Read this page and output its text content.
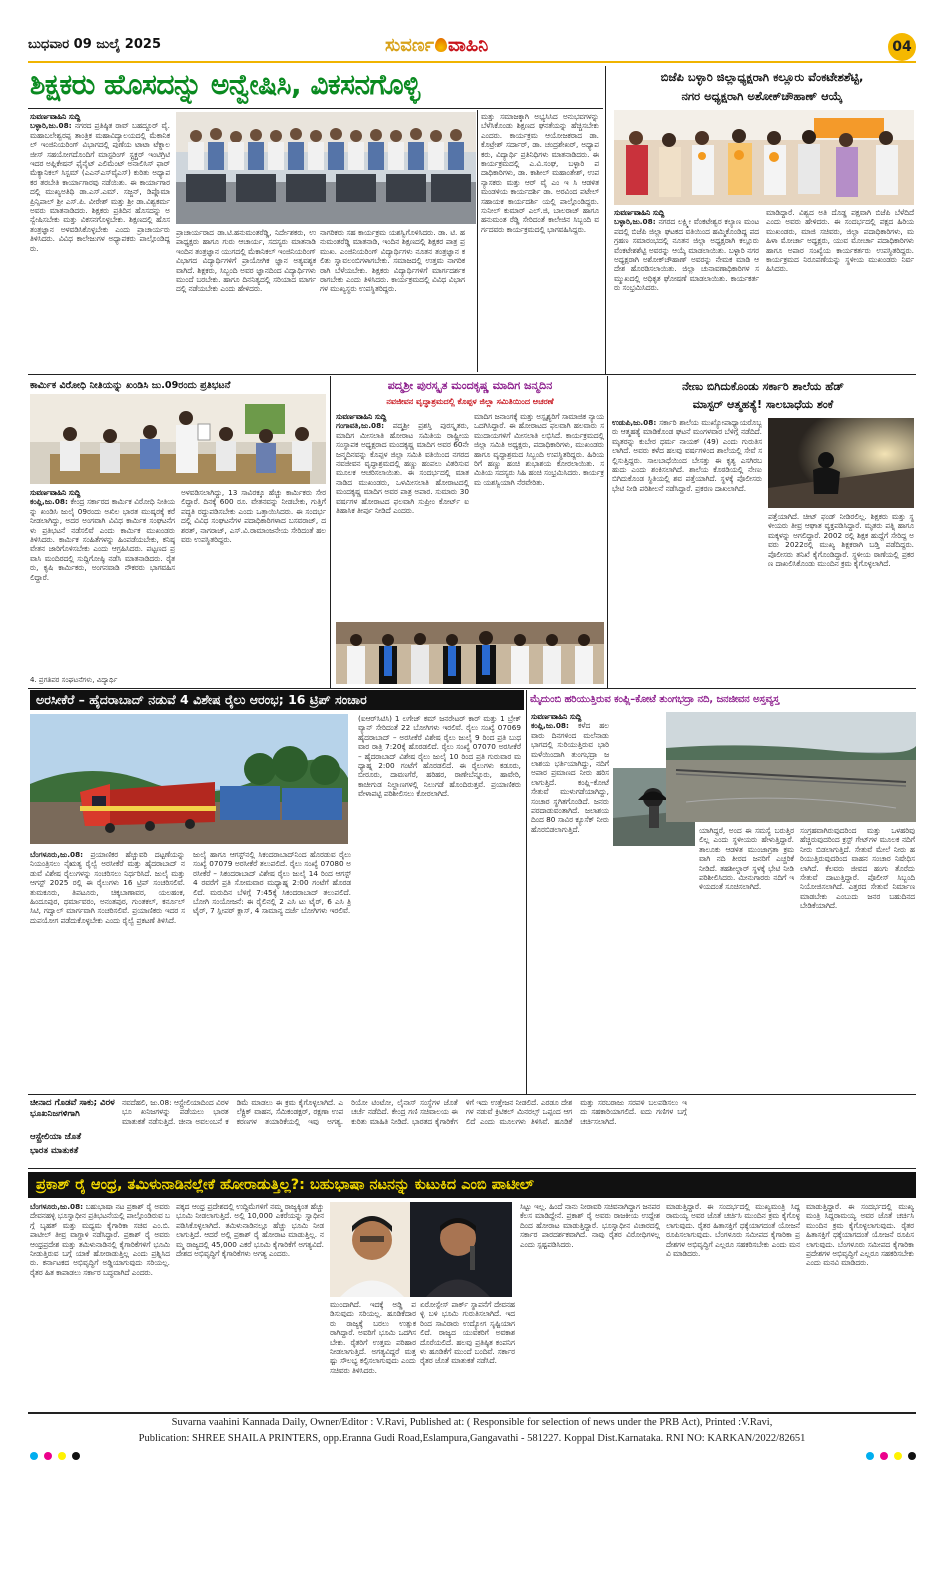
ಬುಧವಾರ 09 ಜುಲೈ 2025	ಸುವರ್ಣ ವಾಹಿನಿ	04
ಶಿಕ್ಷಕರು ಹೊಸದನ್ನು ಅನ್ವೇಷಿಸಿ, ವಿಕಸನಗೊಳ್ಳಿ
ಸುವರ್ಣವಾಹಿನಿ ಸುದ್ದಿ
ಬಳ್ಳಾರಿ,ಜು.08: ನಗರದ ಪ್ರತಿಷ್ಠಿತ ರಾವ್ ಬಹದ್ದೂರ್ ವೈ.ಮಹಾಬಲೇಶ್ವರಪ್ಪ ತಾಂತ್ರಿಕ ಮಹಾವಿದ್ಯಾಲಯದಲ್ಲಿ ಮೆಕಾನಿಕಲ್ ಇಂಜಿನಿಯರಿಂಗ್ ವಿಭಾಗದಲ್ಲಿ ಪುಣೆಯ ಟಾಟಾ ಟೆಕ್ನಾಲಜೀಸ್ ಸಹಯೋಗದೊಂದಿಗೆ ಮಾಸ್ಟರಿಂಗ್ ಸ್ಟ್ರಕ್ಚರ್ ಇಂಟಿಗ್ರಿಟಿ ಇದರ ಅಪ್ಲಿಕೇಷನ್ ಫೈನೈಟ್ ಎಲಿಮೆಂಟ್ ಅನಾಲಿಸಿಸ್ ಫಾರ್ ಮೆಕ್ಯಾನಿಕಲ್ ಸಿಸ್ಟಮ್ (ಎಎನ್ಎಸ್‌ವೈಎಸ್) ಕುರಿತು ಅಧ್ಯಾಪಕರ ತರಬೇತಿ ಕಾರ್ಯಾಗಾರವು ನಡೆಯಿತು. ಈ ಕಾರ್ಯಾಗಾರದಲ್ಲಿ ಮುಖ್ಯಅತಿಥಿ ಡಾ.ಎಸ್.ಎಮ್. ಸಜ್ಜನ್, ಡಿಪ್ಲೊಮಾ ಪ್ರಿನ್ಸಿಪಾಲ್ ಶ್ರೀ ಎಸ್.ಪಿ. ವೀರೇಶ್ ಮತ್ತು ಶ್ರೀ ಡಾ.ವಿಶ್ವಕರ್ಮ ಅವರು ಮಾತನಾಡಿದರು. ಶಿಕ್ಷಕರು ಪ್ರತಿದಿನ ಹೊಸದನ್ನು ಅನ್ವೇಷಿಸಬೇಕು ಮತ್ತು ವಿಕಸನಗೊಳ್ಳಬೇಕು. ಶಿಕ್ಷಣದಲ್ಲಿ ಹೊಸ ತಂತ್ರಜ್ಞಾನ ಅಳವಡಿಸಿಕೊಳ್ಳಬೇಕು ಎಂದು ಪ್ರಾಚಾರ್ಯರು ತಿಳಿಸಿದರು. ವಿವಿಧ ಕಾಲೇಜುಗಳ ಅಧ್ಯಾಪಕರು ಪಾಲ್ಗೊಂಡಿದ್ದರು.
ಪ್ರಾಚಾರ್ಯರಾದ ಡಾ.ಟಿ.ಹನುಮಂತರೆಡ್ಡಿ, ನಿರ್ದೇಶಕರು, ಉಪಾಧ್ಯಕ್ಷರು ಹಾಗೂ ಗುರು ಆಚಾರ್ಯ, ಸದಸ್ಯರು ಮಾತನಾಡಿ ಇಂದಿನ ತಂತ್ರಜ್ಞಾನ ಯುಗದಲ್ಲಿ ಮೆಕಾನಿಕಲ್ ಇಂಜಿನಿಯರಿಂಗ್ ವಿಭಾಗದ ವಿದ್ಯಾರ್ಥಿಗಳಿಗೆ ಪ್ರಾಯೋಗಿಕ ಜ್ಞಾನ ಅತ್ಯವಶ್ಯಕವಾಗಿದೆ. ಶಿಕ್ಷಕರು, ಸಿಬ್ಬಂದಿ ಅವರ ಜ್ಞಾನದಿಂದ ವಿದ್ಯಾರ್ಥಿಗಳು ಮುಂದೆ ಬರಬೇಕು. ಹಾಗೂ ದಿನನಿತ್ಯದಲ್ಲಿ ಸರಿಯಾದ ಮಾರ್ಗದಲ್ಲಿ ನಡೆಯಬೇಕು ಎಂದು ಹೇಳಿದರು.
ನಾಗರಿಕರು ಸಹ ಕಾರ್ಯಕ್ರಮ ಯಶಸ್ವಿಗೊಳಿಸಿದರು. ಡಾ. ಟಿ. ಹನುಮಂತರೆಡ್ಡಿ ಮಾತನಾಡಿ, ಇಂದಿನ ಶಿಕ್ಷಣದಲ್ಲಿ ಶಿಕ್ಷಕರ ಪಾತ್ರ ಪ್ರಮುಖ. ಎಂಜಿನಿಯರಿಂಗ್ ವಿದ್ಯಾರ್ಥಿಗಳು ನೂತನ ತಂತ್ರಜ್ಞಾನ ಕಲಿತು ಸ್ವಾವಲಂಬಿಗಳಾಗಬೇಕು. ಸಮಾಜದಲ್ಲಿ ಉತ್ತಮ ನಾಗರಿಕರಾಗಿ ಬೆಳೆಯಬೇಕು. ಶಿಕ್ಷಕರು ವಿದ್ಯಾರ್ಥಿಗಳಿಗೆ ಮಾರ್ಗದರ್ಶಕರಾಗಬೇಕು ಎಂದು ತಿಳಿಸಿದರು. ಕಾರ್ಯಕ್ರಮದಲ್ಲಿ ವಿವಿಧ ವಿಭಾಗಗಳ ಮುಖ್ಯಸ್ಥರು ಉಪಸ್ಥಿತರಿದ್ದರು.
ಮತ್ತು ಸಮಾಜಕ್ಕಾಗಿ ಅಭ್ಯಸಿಸಿದ ಅನುಭವಗಳನ್ನು ಬೆಳೆಸಿಕೊಂಡು ಶಿಕ್ಷಣದ ಘನತೆಯನ್ನು ಹೆಚ್ಚಿಸಬೇಕು ಎಂದರು. ಕಾರ್ಯಕ್ರಮ ಆಯೋಜಕರಾದ ಡಾ. ಕೊಟ್ರೇಶ್ ಸರ್ದಾರ್, ಡಾ. ಚಂದ್ರಶೇಖರ್, ಅಧ್ಯಾಪಕರು, ವಿದ್ಯಾರ್ಥಿ ಪ್ರತಿನಿಧಿಗಳು ಮಾತನಾಡಿದರು. ಈ ಕಾರ್ಯಕ್ರಮದಲ್ಲಿ ಎ.ವಿ.ಸಂಘ, ಬಳ್ಳಾರಿ ಪದಾಧಿಕಾರಿಗಳು, ಡಾ. ಕಾಶೀಲ್ ಮಹಾಂತೇಶ್, ಉಪನ್ಯಾಸಕರು ಮತ್ತು ಆರ್ ವೈ ಎಂ ಇ ಸಿ ಆಡಳಿತ ಮಂಡಳಿಯ ಕಾರ್ಯದರ್ಶಿ ಡಾ. ಅರವಿಂದ ಪಟೇಲ್ ಸಹಾಯಕ ಕಾರ್ಯದರ್ಶಿ ಯಲ್ಲಿ ಪಾಲ್ಗೊಂಡಿದ್ದರು. ಸುನೀಲ್ ಕುಮಾರ್ ಎಲ್.ಜಿ, ಬಾಲರಾಜ್ ಹಾಗೂ ಹನುಮಂತ ರೆಡ್ಡಿ ಸೇರಿದಂತೆ ಕಾಲೇಜಿನ ಸಿಬ್ಬಂದಿ ವರ್ಗದವರು ಕಾರ್ಯಕ್ರಮದಲ್ಲಿ ಭಾಗವಹಿಸಿದ್ದರು.
ಬಿಜೆಪಿ ಬಳ್ಳಾರಿ ಜಿಲ್ಲಾಧ್ಯಕ್ಷರಾಗಿ ಕಲ್ಲೂರು ವೆಂಕಟೇಶಶೆಟ್ಟಿ,
ನಗರ ಅಧ್ಯಕ್ಷರಾಗಿ ಅಶೋಕ್‌ಚೌಹಾಣ್ ಆಯ್ಕೆ
ಸುವರ್ಣವಾಹಿನಿ ಸುದ್ದಿ
ಬಳ್ಳಾರಿ,ಜು.08: ನಗರದ ಲಕ್ಷ್ಮೀ ವೆಂಕಟೇಶ್ವರ ಕಲ್ಯಾಣ ಮಂಟಪದಲ್ಲಿ ಬಿಜೆಪಿ ಜಿಲ್ಲಾ ಘಟಕದ ವತಿಯಿಂದ ಹಮ್ಮಿಕೊಂಡಿದ್ದ ಪದಗ್ರಹಣ ಸಮಾರಂಭದಲ್ಲಿ ನೂತನ ಜಿಲ್ಲಾ ಅಧ್ಯಕ್ಷರಾಗಿ ಕಲ್ಲೂರು ವೆಂಕಟೇಶಶೆಟ್ಟಿ ಅವರನ್ನು ಆಯ್ಕೆ ಮಾಡಲಾಯಿತು. ಬಳ್ಳಾರಿ ನಗರ ಅಧ್ಯಕ್ಷರಾಗಿ ಅಶೋಕ್‌ಚೌಹಾಣ್ ಅವರನ್ನು ನೇಮಕ ಮಾಡಿ ಆದೇಶ ಹೊರಡಿಸಲಾಯಿತು. ಜಿಲ್ಲಾ ಚುನಾವಣಾಧಿಕಾರಿಗಳ ಸಮ್ಮುಖದಲ್ಲಿ ಅಧಿಕೃತ ಘೋಷಣೆ ಮಾಡಲಾಯಿತು. ಕಾರ್ಯಕರ್ತರು ಸಂಭ್ರಮಿಸಿದರು.
ಮಾಡಿದ್ದಾರೆ. ವಿಶ್ವದ ಅತಿ ದೊಡ್ಡ ಪಕ್ಷವಾಗಿ ಬಿಜೆಪಿ ಬೆಳೆದಿದೆ ಎಂದು ಅವರು ಹೇಳಿದರು. ಈ ಸಂದರ್ಭದಲ್ಲಿ ಪಕ್ಷದ ಹಿರಿಯ ಮುಖಂಡರು, ಮಾಜಿ ಸಚಿವರು, ಜಿಲ್ಲಾ ಪದಾಧಿಕಾರಿಗಳು, ಮಹಿಳಾ ಮೋರ್ಚಾ ಅಧ್ಯಕ್ಷರು, ಯುವ ಮೋರ್ಚಾ ಪದಾಧಿಕಾರಿಗಳು ಹಾಗೂ ಅಪಾರ ಸಂಖ್ಯೆಯ ಕಾರ್ಯಕರ್ತರು ಉಪಸ್ಥಿತರಿದ್ದರು. ಕಾರ್ಯಕ್ರಮದ ನಿರೂಪಣೆಯನ್ನು ಸ್ಥಳೀಯ ಮುಖಂಡರು ನಿರ್ವಹಿಸಿದರು.
ಕಾರ್ಮಿಕ ವಿರೋಧಿ ನೀತಿಯನ್ನು ಖಂಡಿಸಿ ಜು.09ರಂದು ಪ್ರತಿಭಟನೆ
ಸುವರ್ಣವಾಹಿನಿ ಸುದ್ದಿ
ಕಂಪ್ಲಿ,ಜು.08: ಕೇಂದ್ರ ಸರ್ಕಾರದ ಕಾರ್ಮಿಕ ವಿರೋಧಿ ನೀತಿಯನ್ನು ಖಂಡಿಸಿ ಜುಲೈ 09ರಂದು ಅಖಿಲ ಭಾರತ ಮುಷ್ಕರಕ್ಕೆ ಕರೆ ನೀಡಲಾಗಿದ್ದು, ಅದರ ಅಂಗವಾಗಿ ವಿವಿಧ ಕಾರ್ಮಿಕ ಸಂಘಟನೆಗಳು ಪ್ರತಿಭಟನೆ ನಡೆಸಲಿವೆ ಎಂದು ಕಾರ್ಮಿಕ ಮುಖಂಡರು ತಿಳಿಸಿದರು. ಕಾರ್ಮಿಕ ಸಂಹಿತೆಗಳನ್ನು ಹಿಂಪಡೆಯಬೇಕು, ಕನಿಷ್ಠ ವೇತನ ಜಾರಿಗೊಳಿಸಬೇಕು ಎಂದು ಆಗ್ರಹಿಸಿದರು. ಪಟ್ಟಣದ ಪ್ರವಾಸಿ ಮಂದಿರದಲ್ಲಿ ಸುದ್ದಿಗೋಷ್ಠಿ ನಡೆಸಿ ಮಾತನಾಡಿದರು. ರೈತರು, ಕೃಷಿ ಕಾರ್ಮಿಕರು, ಅಂಗನವಾಡಿ ನೌಕರರು ಭಾಗವಹಿಸಲಿದ್ದಾರೆ.
ಅಳವಡಿಸಲಾಗಿದ್ದು, 13 ಸಾವಿರಕ್ಕೂ ಹೆಚ್ಚು ಕಾರ್ಮಿಕರು ಸೇರಲಿದ್ದಾರೆ. ದಿನಕ್ಕೆ 600 ರೂ. ವೇತನವನ್ನು ನೀಡಬೇಕು, ಗುತ್ತಿಗೆ ಪದ್ಧತಿ ರದ್ದುಪಡಿಸಬೇಕು ಎಂದು ಒತ್ತಾಯಿಸಿದರು. ಈ ಸಂದರ್ಭದಲ್ಲಿ ವಿವಿಧ ಸಂಘಟನೆಗಳ ಪದಾಧಿಕಾರಿಗಳಾದ ಬಸವರಾಜ್, ದಶರತ್, ನಾಗರಾಜ್, ಎಸ್.ವಿ.ರಾಮಾಂಜನೇಯ ಸೇರಿದಂತೆ ಹಲವರು ಉಪಸ್ಥಿತರಿದ್ದರು.
4. ಪ್ರಗತಿಪರ ಸಂಘಟನೆಗಳು, ವಿದ್ಯಾರ್ಥಿ
ಪದ್ಮಶ್ರೀ ಪುರಸ್ಕೃತ ಮಂದಕೃಷ್ಣ ಮಾದಿಗ ಜನ್ಮದಿನ
ನವಜೀವನ ವೃದ್ಧಾಶ್ರಮದಲ್ಲಿ ಕೊಪ್ಪಳ ಜಿಲ್ಲಾ ಸಮಿತಿಯಿಂದ ಆಚರಣೆ
ಸುವರ್ಣವಾಹಿನಿ ಸುದ್ದಿ
ಗಂಗಾವತಿ,ಜು.08: ಪದ್ಮಶ್ರೀ ಪ್ರಶಸ್ತಿ ಪುರಸ್ಕೃತರು, ಮಾದಿಗ ಮೀಸಲಾತಿ ಹೋರಾಟ ಸಮಿತಿಯ ರಾಷ್ಟ್ರೀಯ ಸಂಸ್ಥಾಪಕ ಅಧ್ಯಕ್ಷರಾದ ಮಂದಕೃಷ್ಣ ಮಾದಿಗ ಅವರ 60ನೇ ಜನ್ಮದಿನವನ್ನು ಕೊಪ್ಪಳ ಜಿಲ್ಲಾ ಸಮಿತಿ ವತಿಯಿಂದ ನಗರದ ನವಜೀವನ ವೃದ್ಧಾಶ್ರಮದಲ್ಲಿ ಹಣ್ಣು ಹಂಪಲು ವಿತರಿಸುವ ಮೂಲಕ ಆಚರಿಸಲಾಯಿತು. ಈ ಸಂದರ್ಭದಲ್ಲಿ ಮಾತನಾಡಿದ ಮುಖಂಡರು, ಒಳಮೀಸಲಾತಿ ಹೋರಾಟದಲ್ಲಿ ಮಂದಕೃಷ್ಣ ಮಾದಿಗ ಅವರ ಪಾತ್ರ ಅಪಾರ. ಸುಮಾರು 30 ವರ್ಷಗಳ ಹೋರಾಟದ ಫಲವಾಗಿ ಸುಪ್ರೀಂ ಕೋರ್ಟ್ ಐತಿಹಾಸಿಕ ತೀರ್ಪು ನೀಡಿದೆ ಎಂದರು.
ಮಾದಿಗ ಜನಾಂಗಕ್ಕೆ ಮತ್ತು ಅಸ್ಪೃಶ್ಯರಿಗೆ ಸಾಮಾಜಿಕ ನ್ಯಾಯ ಒದಗಿಸಿದ್ದಾರೆ. ಈ ಹೋರಾಟದ ಫಲವಾಗಿ ಹಲವಾರು ಸಮುದಾಯಗಳಿಗೆ ಮೀಸಲಾತಿ ಲಭಿಸಿದೆ. ಕಾರ್ಯಕ್ರಮದಲ್ಲಿ ಜಿಲ್ಲಾ ಸಮಿತಿ ಅಧ್ಯಕ್ಷರು, ಪದಾಧಿಕಾರಿಗಳು, ಮುಖಂಡರು ಹಾಗೂ ವೃದ್ಧಾಶ್ರಮದ ಸಿಬ್ಬಂದಿ ಉಪಸ್ಥಿತರಿದ್ದರು. ಹಿರಿಯರಿಗೆ ಹಣ್ಣು ಹಂಚಿ ಶುಭಾಶಯ ಕೋರಲಾಯಿತು. ಸಮಿತಿಯ ಸದಸ್ಯರು ಸಿಹಿ ಹಂಚಿ ಸಂಭ್ರಮಿಸಿದರು. ಕಾರ್ಯಕ್ರಮ ಯಶಸ್ವಿಯಾಗಿ ನೆರವೇರಿತು.
ನೇಣು ಬಿಗಿದುಕೊಂಡು ಸರ್ಕಾರಿ ಶಾಲೆಯ ಹೆಡ್
ಮಾಸ್ಟರ್ ಆತ್ಮಹತ್ಯೆ! ಸಾಲಬಾಧೆಯ ಶಂಕೆ
ಉಡುಪಿ,ಜು.08: ಸರ್ಕಾರಿ ಶಾಲೆಯ ಮುಖ್ಯೋಪಾಧ್ಯಾಯರೊಬ್ಬರು ಆತ್ಮಹತ್ಯೆ ಮಾಡಿಕೊಂಡ ಘಟನೆ ಮಂಗಳವಾರ ಬೆಳಿಗ್ಗೆ ನಡೆದಿದೆ. ಮೃತರನ್ನು ಕುಬೇರ ಧರ್ಮ ನಾಯಕ್ (49) ಎಂದು ಗುರುತಿಸಲಾಗಿದೆ. ಅವರು ಕಳೆದ ಹಲವು ವರ್ಷಗಳಿಂದ ಶಾಲೆಯಲ್ಲಿ ಸೇವೆ ಸಲ್ಲಿಸುತ್ತಿದ್ದರು. ಸಾಲಬಾಧೆಯಿಂದ ಬೇಸತ್ತು ಈ ಕೃತ್ಯ ಎಸಗಿರಬಹುದು ಎಂದು ಶಂಕಿಸಲಾಗಿದೆ. ಶಾಲೆಯ ಕೊಠಡಿಯಲ್ಲಿ ನೇಣು ಬಿಗಿದುಕೊಂಡ ಸ್ಥಿತಿಯಲ್ಲಿ ಶವ ಪತ್ತೆಯಾಗಿದೆ. ಸ್ಥಳಕ್ಕೆ ಪೊಲೀಸರು ಭೇಟಿ ನೀಡಿ ಪರಿಶೀಲನೆ ನಡೆಸಿದ್ದಾರೆ. ಪ್ರಕರಣ ದಾಖಲಾಗಿದೆ.
ಪತ್ತೆಯಾಗಿದೆ. ಚೀಟ್ ಫಂಡ್ ನೀಡಿರಲಿಲ್ಲ. ಶಿಕ್ಷಕರು ಮತ್ತು ಸ್ಥಳೀಯರು ತೀವ್ರ ಆಘಾತ ವ್ಯಕ್ತಪಡಿಸಿದ್ದಾರೆ. ಮೃತರು ಪತ್ನಿ ಹಾಗೂ ಮಕ್ಕಳನ್ನು ಅಗಲಿದ್ದಾರೆ. 2002 ರಲ್ಲಿ ಶಿಕ್ಷಕ ಹುದ್ದೆಗೆ ಸೇರಿದ್ದ ಅವರು 2022ರಲ್ಲಿ ಮುಖ್ಯ ಶಿಕ್ಷಕರಾಗಿ ಬಡ್ತಿ ಪಡೆದಿದ್ದರು. ಪೊಲೀಸರು ತನಿಖೆ ಕೈಗೊಂಡಿದ್ದಾರೆ. ಸ್ಥಳೀಯ ಠಾಣೆಯಲ್ಲಿ ಪ್ರಕರಣ ದಾಖಲಿಸಿಕೊಂಡು ಮುಂದಿನ ಕ್ರಮ ಕೈಗೊಳ್ಳಲಾಗಿದೆ.
ಅರಸೀಕೆರೆ – ಹೈದರಾಬಾದ್ ನಡುವೆ 4 ವಿಶೇಷ ರೈಲು ಆರಂಭ; 16 ಟ್ರಿಪ್ ಸಂಚಾರ
ಬೆಂಗಳೂರು,ಜು.08: ಪ್ರಯಾಣಿಕರ ಹೆಚ್ಚುವರಿ ದಟ್ಟಣೆಯನ್ನು ನಿಯಂತ್ರಿಸಲು ನೈಋತ್ಯ ರೈಲ್ವೆ ಅರಸೀಕೆರೆ ಮತ್ತು ಹೈದರಾಬಾದ್ ನಡುವೆ ವಿಶೇಷ ರೈಲುಗಳನ್ನು ಸಂಚರಿಸಲು ನಿರ್ಧರಿಸಿದೆ. ಜುಲೈ ಮತ್ತು ಆಗಸ್ಟ್ 2025 ರಲ್ಲಿ ಈ ರೈಲುಗಳು 16 ಟ್ರಿಪ್ ಸಂಚರಿಸಲಿವೆ. ತುಮಕೂರು, ತಿಪಟೂರು, ಚಿಕ್ಕಬಾಣಾವರ, ಯಲಹಂಕ, ಹಿಂದೂಪುರ, ಧರ್ಮಾವರಂ, ಅನಂತಪುರ, ಗುಂತಕಲ್, ಕರ್ನೂಲ್ ಸಿಟಿ, ಗದ್ವಾಲ್ ಮಾರ್ಗವಾಗಿ ಸಂಚರಿಸಲಿವೆ. ಪ್ರಯಾಣಿಕರು ಇದರ ಸದುಪಯೋಗ ಪಡೆದುಕೊಳ್ಳಬೇಕು ಎಂದು ರೈಲ್ವೆ ಪ್ರಕಟಣೆ ತಿಳಿಸಿದೆ.
ಜುಲೈ ಹಾಗೂ ಆಗಸ್ಟ್‌ನಲ್ಲಿ ಸಿಕಂದರಾಬಾದ್‌ನಿಂದ ಹೊರಡುವ ರೈಲು ಸಂಖ್ಯೆ 07079 ಅರಸೀಕೆರೆ ತಲುಪಲಿದೆ. ರೈಲು ಸಂಖ್ಯೆ 07080 ಅರಸೀಕೆರೆ – ಸಿಕಂದರಾಬಾದ್ ವಿಶೇಷ ರೈಲು ಜುಲೈ 14 ರಿಂದ ಆಗಸ್ಟ್ 4 ರವರೆಗೆ ಪ್ರತಿ ಸೋಮವಾರ ಮಧ್ಯಾಹ್ನ 2:00 ಗಂಟೆಗೆ ಹೊರಡಲಿದೆ. ಮರುದಿನ ಬೆಳಿಗ್ಗೆ 7:45ಕ್ಕೆ ಸಿಕಂದರಾಬಾದ್ ತಲುಪಲಿದೆ. ಬೋಗಿ ಸಂಯೋಜನೆ: ಈ ರೈಲಿನಲ್ಲಿ 2 ಎಸಿ ಟು ಟೈರ್, 6 ಎಸಿ ತ್ರಿ ಟೈರ್, 7 ಸ್ಲೀಪರ್ ಕ್ಲಾಸ್, 4 ಸಾಮಾನ್ಯ ದರ್ಜೆ ಬೋಗಿಗಳು ಇರಲಿವೆ.
(ಐಆರ್‌ಸಿಟಿಸಿ) 1 ಲಗೇಜ್ ಕಮ್ ಜನರೇಟರ್ ಕಾರ್ ಮತ್ತು 1 ಬ್ರೇಕ್ ವ್ಯಾನ್ ಸೇರಿದಂತೆ 22 ಬೋಗಿಗಳು ಇರಲಿವೆ. ರೈಲು ಸಂಖ್ಯೆ 07069 ಹೈದರಾಬಾದ್ – ಅರಸೀಕೆರೆ ವಿಶೇಷ ರೈಲು ಜುಲೈ 9 ರಿಂದ ಪ್ರತಿ ಬುಧವಾರ ರಾತ್ರಿ 7:20ಕ್ಕೆ ಹೊರಡಲಿದೆ. ರೈಲು ಸಂಖ್ಯೆ 07070 ಅರಸೀಕೆರೆ – ಹೈದರಾಬಾದ್ ವಿಶೇಷ ರೈಲು ಜುಲೈ 10 ರಿಂದ ಪ್ರತಿ ಗುರುವಾರ ಮಧ್ಯಾಹ್ನ 2:00 ಗಂಟೆಗೆ ಹೊರಡಲಿದೆ. ಈ ರೈಲುಗಳು ಕಡೂರು, ಬೀರೂರು, ದಾವಣಗೆರೆ, ಹರಿಹರ, ರಾಣೇಬೆನ್ನೂರು, ಹಾವೇರಿ, ಕಾಚೀಗುಡ ನಿಲ್ದಾಣಗಳಲ್ಲಿ ನಿಲುಗಡೆ ಹೊಂದಿರುತ್ತವೆ. ಪ್ರಯಾಣಿಕರು ವೇಳಾಪಟ್ಟಿ ಪರಿಶೀಲಿಸಲು ಕೋರಲಾಗಿದೆ.
ಮೈದುಂಬಿ ಹರಿಯುತ್ತಿರುವ ಕಂಪ್ಲಿ–ಕೋಟೆ ತುಂಗಭದ್ರಾ ನದಿ, ಜನಜೀವನ ಅಸ್ತವ್ಯಸ್ತ
ಸುವರ್ಣವಾಹಿನಿ ಸುದ್ದಿ
ಕಂಪ್ಲಿ,ಜು.08: ಕಳೆದ ಹಲವಾರು ದಿನಗಳಿಂದ ಮಲೆನಾಡು ಭಾಗದಲ್ಲಿ ಸುರಿಯುತ್ತಿರುವ ಭಾರಿ ಮಳೆಯಿಂದಾಗಿ ತುಂಗಭದ್ರಾ ಜಲಾಶಯ ಭರ್ತಿಯಾಗಿದ್ದು, ನದಿಗೆ ಅಪಾರ ಪ್ರಮಾಣದ ನೀರು ಹರಿಸಲಾಗುತ್ತಿದೆ. ಕಂಪ್ಲಿ–ಕೋಟೆ ಸೇತುವೆ ಮುಳುಗಡೆಯಾಗಿದ್ದು, ಸಂಚಾರ ಸ್ಥಗಿತಗೊಂಡಿದೆ. ಜನರು ಪರದಾಡುವಂತಾಗಿದೆ. ಜಲಾಶಯದಿಂದ 80 ಸಾವಿರ ಕ್ಯೂಸೆಕ್ ನೀರು ಹೊರಬಿಡಲಾಗುತ್ತಿದೆ.	ಯಾಗಿದ್ದರೆ, ಅಂದ ಈ ಸಮಸ್ಯೆ ಬರುತ್ತಿರಲಿಲ್ಲ ಎಂದು ಸ್ಥಳೀಯರು ಹೇಳುತ್ತಿದ್ದಾರೆ. ತಾಲೂಕು ಆಡಳಿತ ಮುಂಜಾಗ್ರತಾ ಕ್ರಮವಾಗಿ ನದಿ ತೀರದ ಜನರಿಗೆ ಎಚ್ಚರಿಕೆ ನೀಡಿದೆ. ತಹಶೀಲ್ದಾರ್ ಸ್ಥಳಕ್ಕೆ ಭೇಟಿ ನೀಡಿ ಪರಿಶೀಲಿಸಿದರು. ಮೀನುಗಾರರು ನದಿಗೆ ಇಳಿಯದಂತೆ ಸೂಚಿಸಲಾಗಿದೆ.
ಸಂಗ್ರಹವಾಗಿರುವುದರಿಂದ ಮತ್ತು ಒಳಹರಿವು ಹೆಚ್ಚಿರುವುದರಿಂದ ಕ್ರಸ್ಟ್ ಗೇಟ್‌ಗಳ ಮೂಲಕ ನದಿಗೆ ನೀರು ಬಿಡಲಾಗುತ್ತಿದೆ. ಸೇತುವೆ ಮೇಲೆ ನೀರು ಹರಿಯುತ್ತಿರುವುದರಿಂದ ವಾಹನ ಸಂಚಾರ ನಿಷೇಧಿಸಲಾಗಿದೆ. ಕೆಲವರು ಜೀವದ ಹಂಗು ತೊರೆದು ಸೇತುವೆ ದಾಟುತ್ತಿದ್ದಾರೆ. ಪೊಲೀಸ್ ಸಿಬ್ಬಂದಿ ನಿಯೋಜಿಸಲಾಗಿದೆ. ಎತ್ತರದ ಸೇತುವೆ ನಿರ್ಮಾಣ ಮಾಡಬೇಕು ಎಂಬುದು ಜನರ ಬಹುದಿನದ ಬೇಡಿಕೆಯಾಗಿದೆ.
ಚೀನಾದ ಗೊಡವೆ ಸಾಕು; ವಿರಳ ಭೂಖನಿಜಗಳಿಗಾಗಿ
ಆಸ್ಟ್ರೇಲಿಯಾ ಜೊತೆ
ಭಾರತ ಮಾತುಕತೆ
ನವದೆಹಲಿ, ಜು.08: ಆಸ್ಟ್ರೇಲಿಯಾದಿಂದ ವಿರಳ ಭೂ ಖನಿಜಗಳನ್ನು ಪಡೆಯಲು ಭಾರತ ಮಾತುಕತೆ ನಡೆಸುತ್ತಿದೆ. ಚೀನಾ ಅವಲಂಬನೆ ಕಡಿಮೆ ಮಾಡಲು ಈ ಕ್ರಮ ಕೈಗೊಳ್ಳಲಾಗಿದೆ. ಎಲೆಕ್ಟ್ರಿಕ್ ವಾಹನ, ಸೆಮಿಕಂಡಕ್ಟರ್, ರಕ್ಷಣಾ ಉಪಕರಣಗಳ ತಯಾರಿಕೆಯಲ್ಲಿ ಇವು ಅಗತ್ಯ. ರಿಯೋ ಟಿಂಟೋ, ಲೈನಾಸ್ ಸಂಸ್ಥೆಗಳ ಜೊತೆ ಚರ್ಚೆ ನಡೆದಿದೆ. ಕೇಂದ್ರ ಗಣಿ ಸಚಿವಾಲಯ ಈ ಕುರಿತು ಮಾಹಿತಿ ನೀಡಿದೆ. ಭಾರತದ ಕೈಗಾರಿಕೆಗಳಿಗೆ ಇದು ಉತ್ತೇಜನ ನೀಡಲಿದೆ. ಎರಡೂ ದೇಶಗಳ ನಡುವೆ ಕ್ರಿಟಿಕಲ್ ಮಿನರಲ್ಸ್ ಒಪ್ಪಂದ ಆಗಲಿದೆ ಎಂದು ಮೂಲಗಳು ತಿಳಿಸಿವೆ. ಹೂಡಿಕೆ ಮತ್ತು ಸರಬರಾಜು ಸರಪಳಿ ಬಲಪಡಿಸಲು ಇದು ಸಹಕಾರಿಯಾಗಲಿದೆ. ಐದು ಗಣಿಗಳ ಬಗ್ಗೆ ಚರ್ಚಿಸಲಾಗಿದೆ.
ಪ್ರಕಾಶ್ ರೈ ಆಂಧ್ರ, ತಮಿಳುನಾಡಿನಲ್ಲೇಕೆ ಹೋರಾಡುತ್ತಿಲ್ಲ?: ಬಹುಭಾಷಾ ನಟನನ್ನು ಕುಟುಕಿದ ಎಂಬಿ ಪಾಟೀಲ್
ಬೆಂಗಳೂರು,ಜು.08: ಬಹುಭಾಷಾ ನಟ ಪ್ರಕಾಶ್ ರೈ ಅವರು ದೇವನಹಳ್ಳಿ ಭೂಸ್ವಾಧೀನ ಪ್ರತಿಭಟನೆಯಲ್ಲಿ ಪಾಲ್ಗೊಂಡಿರುವ ಬಗ್ಗೆ ಬೃಹತ್ ಮತ್ತು ಮಧ್ಯಮ ಕೈಗಾರಿಕಾ ಸಚಿವ ಎಂ.ಬಿ.ಪಾಟೀಲ್ ತೀವ್ರ ವಾಗ್ದಾಳಿ ನಡೆಸಿದ್ದಾರೆ. ಪ್ರಕಾಶ್ ರೈ ಅವರು ಆಂಧ್ರಪ್ರದೇಶ ಮತ್ತು ತಮಿಳುನಾಡಿನಲ್ಲಿ ಕೈಗಾರಿಕೆಗಳಿಗೆ ಭೂಮಿ ನೀಡುತ್ತಿರುವ ಬಗ್ಗೆ ಯಾಕೆ ಹೋರಾಡುತ್ತಿಲ್ಲ ಎಂದು ಪ್ರಶ್ನಿಸಿದರು. ಕರ್ನಾಟಕದ ಅಭಿವೃದ್ಧಿಗೆ ಅಡ್ಡಿಯಾಗುವುದು ಸರಿಯಲ್ಲ. ರೈತರ ಹಿತ ಕಾಪಾಡಲು ಸರ್ಕಾರ ಬದ್ಧವಾಗಿದೆ ಎಂದರು.
ಪಕ್ಕದ ಆಂಧ್ರ ಪ್ರದೇಶದಲ್ಲಿ ಉದ್ದಿಮೆಗಳಿಗೆ ನಮ್ಮ ರಾಜ್ಯಕ್ಕಿಂತ ಹೆಚ್ಚು ಭೂಮಿ ನೀಡಲಾಗುತ್ತಿದೆ. ಅಲ್ಲಿ 10,000 ಎಕರೆಯನ್ನು ಸ್ವಾಧೀನಪಡಿಸಿಕೊಳ್ಳಲಾಗಿದೆ. ತಮಿಳುನಾಡಿನಲ್ಲೂ ಹೆಚ್ಚು ಭೂಮಿ ನೀಡಲಾಗುತ್ತಿದೆ. ಆದರೆ ಅಲ್ಲಿ ಪ್ರಕಾಶ್ ರೈ ಹೋರಾಟ ಮಾಡುತ್ತಿಲ್ಲ. ನಮ್ಮ ರಾಜ್ಯದಲ್ಲಿ 45,000 ಎಕರೆ ಭೂಮಿ ಕೈಗಾರಿಕೆಗೆ ಅಗತ್ಯವಿದೆ. ದೇಶದ ಅಭಿವೃದ್ಧಿಗೆ ಕೈಗಾರಿಕೆಗಳು ಅಗತ್ಯ ಎಂದರು.
ಮುಂದಾಗಿದೆ. ಇದಕ್ಕೆ ಅಡ್ಡಿ ಪಡಿಸುವುದು ಸರಿಯಲ್ಲ. ಹೂಡಿಕೆದಾರರು ರಾಜ್ಯಕ್ಕೆ ಬರಲು ಉತ್ಸುಕರಾಗಿದ್ದಾರೆ. ಅವರಿಗೆ ಭೂಮಿ ಒದಗಿಸಬೇಕು. ರೈತರಿಗೆ ಉತ್ತಮ ಪರಿಹಾರ ನೀಡಲಾಗುತ್ತಿದೆ. ಅಗತ್ಯವಿದ್ದರೆ ಮತ್ತಷ್ಟು ಸೌಲಭ್ಯ ಕಲ್ಪಿಸಲಾಗುವುದು ಎಂದು ಸಚಿವರು ತಿಳಿಸಿದರು.
ಏರೋಸ್ಪೇಸ್ ಪಾರ್ಕ್ ಸ್ಥಾಪನೆಗೆ ದೇವನಹಳ್ಳಿ ಬಳಿ ಭೂಮಿ ಗುರುತಿಸಲಾಗಿದೆ. ಇದರಿಂದ ಸಾವಿರಾರು ಉದ್ಯೋಗ ಸೃಷ್ಟಿಯಾಗಲಿದೆ. ರಾಜ್ಯದ ಯುವಕರಿಗೆ ಅವಕಾಶ ದೊರೆಯಲಿದೆ. ಹಲವು ಪ್ರತಿಷ್ಠಿತ ಕಂಪನಿಗಳು ಹೂಡಿಕೆಗೆ ಮುಂದೆ ಬಂದಿವೆ. ಸರ್ಕಾರ ರೈತರ ಜೊತೆ ಮಾತುಕತೆ ನಡೆಸಿದೆ.
ಸಿಟ್ಟು ಇಲ್ಲ. ಹಿಂದೆ ನಾನು ನೀರಾವರಿ ಸಚಿವನಾಗಿದ್ದಾಗ ಜನಪರ ಕೆಲಸ ಮಾಡಿದ್ದೇನೆ. ಪ್ರಕಾಶ್ ರೈ ಅವರು ರಾಜಕೀಯ ಉದ್ದೇಶದಿಂದ ಹೋರಾಟ ಮಾಡುತ್ತಿದ್ದಾರೆ. ಭೂಸ್ವಾಧೀನ ವಿಚಾರದಲ್ಲಿ ಸರ್ಕಾರ ಪಾರದರ್ಶಕವಾಗಿದೆ. ನಾವು ರೈತರ ವಿರೋಧಿಗಳಲ್ಲ ಎಂದು ಸ್ಪಷ್ಟಪಡಿಸಿದರು.
ಮಾಡುತ್ತಿದ್ದಾರೆ. ಈ ಸಂದರ್ಭದಲ್ಲಿ ಮುಖ್ಯಮಂತ್ರಿ ಸಿದ್ದರಾಮಯ್ಯ ಅವರ ಜೊತೆ ಚರ್ಚಿಸಿ ಮುಂದಿನ ಕ್ರಮ ಕೈಗೊಳ್ಳಲಾಗುವುದು. ರೈತರ ಹಿತಾಸಕ್ತಿಗೆ ಧಕ್ಕೆಯಾಗದಂತೆ ಯೋಜನೆ ರೂಪಿಸಲಾಗುವುದು. ಬೆಂಗಳೂರು ಸಮೀಪದ ಕೈಗಾರಿಕಾ ಪ್ರದೇಶಗಳ ಅಭಿವೃದ್ಧಿಗೆ ಎಲ್ಲರೂ ಸಹಕರಿಸಬೇಕು ಎಂದು ಮನವಿ ಮಾಡಿದರು.
ಮಾಡುತ್ತಿದ್ದಾರೆ. ಈ ಸಂದರ್ಭದಲ್ಲಿ ಮುಖ್ಯಮಂತ್ರಿ ಸಿದ್ದರಾಮಯ್ಯ ಅವರ ಜೊತೆ ಚರ್ಚಿಸಿ ಮುಂದಿನ ಕ್ರಮ ಕೈಗೊಳ್ಳಲಾಗುವುದು. ರೈತರ ಹಿತಾಸಕ್ತಿಗೆ ಧಕ್ಕೆಯಾಗದಂತೆ ಯೋಜನೆ ರೂಪಿಸಲಾಗುವುದು. ಬೆಂಗಳೂರು ಸಮೀಪದ ಕೈಗಾರಿಕಾ ಪ್ರದೇಶಗಳ ಅಭಿವೃದ್ಧಿಗೆ ಎಲ್ಲರೂ ಸಹಕರಿಸಬೇಕು ಎಂದು ಮನವಿ ಮಾಡಿದರು.
Suvarna vaahini Kannada Daily, Owner/Editor : V.Ravi, Published at: ( Responsible for selection of news under the PRB Act), Printed :V.Ravi,
Publication: SHREE SHAILA PRINTERS, opp.Eranna Gudi Road,Eslampura,Gangavathi - 581227. Koppal Dist.Karnataka. RNI NO: KARKAN/2022/82651
